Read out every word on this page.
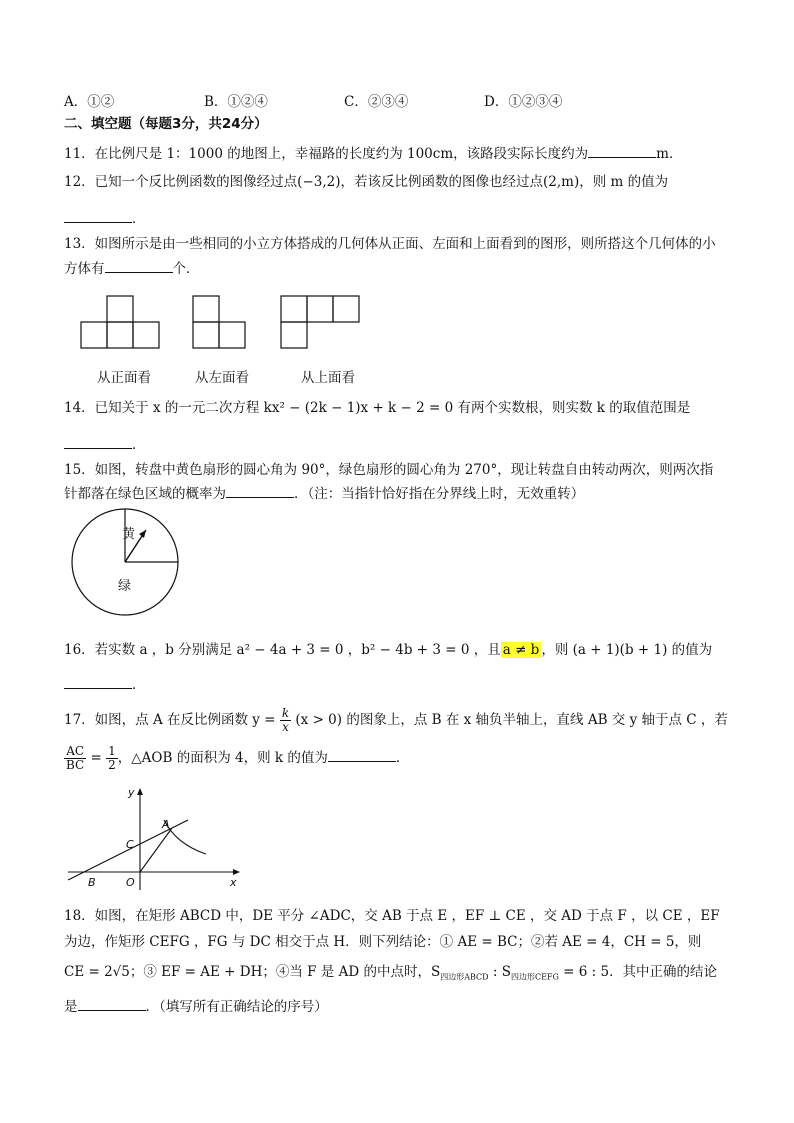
A．①②	B．①②④	C．②③④	D．①②③④
二、填空题（每题3分，共24分）
11．在比例尺是 1：1000 的地图上，幸福路的长度约为 100cm，该路段实际长度约为	m．
12．已知一个反比例函数的图像经过点(−3,2)，若该反比例函数的图像也经过点(2,m)，则 m 的值为
．
13．如图所示是由一些相同的小立方体搭成的几何体从正面、左面和上面看到的图形，则所搭这个几何体的小
方体有	个．
从正面看	从左面看	从上面看
14．已知关于 x 的一元二次方程 kx² − (2k − 1)x + k − 2 = 0 有两个实数根，则实数 k 的取值范围是
．
15．如图，转盘中黄色扇形的圆心角为 90°，绿色扇形的圆心角为 270°，现让转盘自由转动两次，则两次指
针都落在绿色区域的概率为	．（注：当指针恰好指在分界线上时，无效重转）
黄
绿
16．若实数 a ，b 分别满足 a² − 4a + 3 = 0 ，b² − 4b + 3 = 0 ，且 a ≠ b ，则 (a + 1)(b + 1) 的值为
．
17．如图，点 A 在反比例函数 $y = \frac{k}{x} (x > 0)$ 的图象上，点 B 在 x 轴负半轴上，直线 AB 交 y 轴于点 C ，若
$\frac{AC}{BC} = \frac{1}{2}$ ，△AOB 的面积为 4，则 k 的值为	．
y
x
A
B
C
O
18．如图，在矩形 ABCD 中，DE 平分 ∠ADC，交 AB 于点 E ，EF ⊥ CE ，交 AD 于点 F ，以 CE ，EF
为边，作矩形 CEFG ，FG 与 DC 相交于点 H．则下列结论：① AE = BC；②若 AE = 4，CH = 5，则
CE = 2√5；③ EF = AE + DH；④当 F 是 AD 的中点时，$S_{四边形ABCD}$ : $S_{四边形CEFG} = 6$ : 5．其中正确的结论
是	．（填写所有正确结论的序号）
